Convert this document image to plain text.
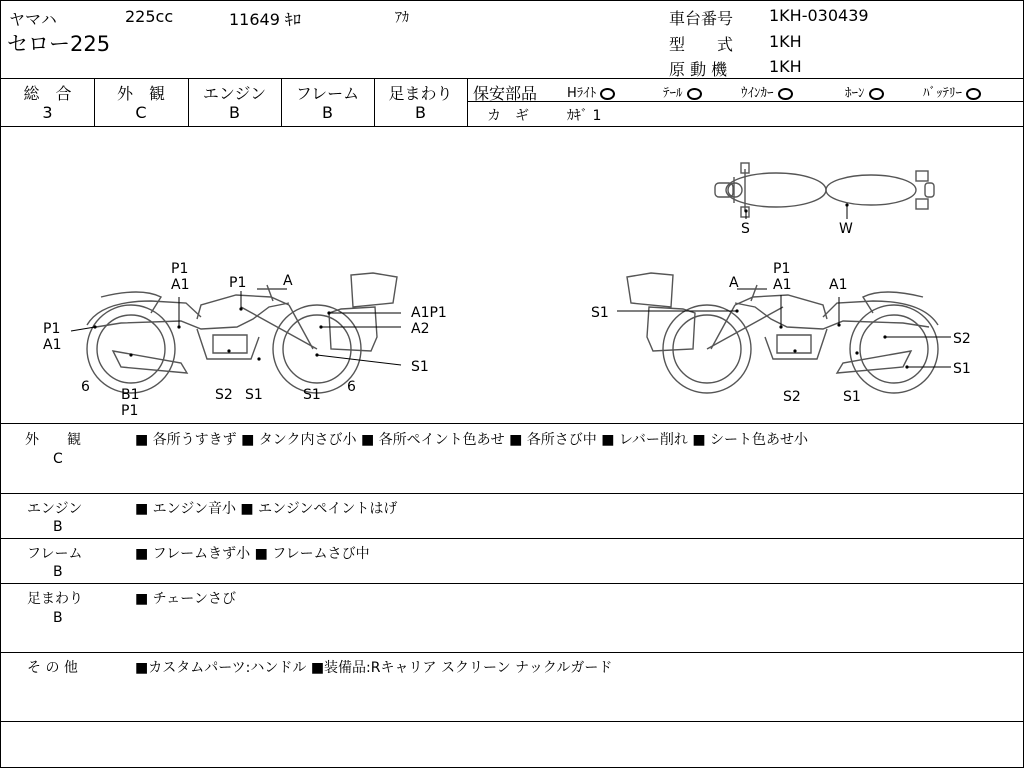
ヤマハ	225cc	11649 ｷﾛ	ｱｶ
セロー225
車台番号 1KH-030439
型　　式 1KH
原 動 機	1KH
総　合
3
外　観
C
エンジン
B
フレーム
B
足まわり
B
保安部品 Hﾗｲﾄ	ﾃｰﾙ	ｳｲﾝｶｰ	ﾎｰﾝ	ﾊﾞｯﾃﾘｰ
カ　ギ	ｶｷﾞ 1
S	W
P1
A1	P1	A
A1P1
A2
P1
A1
S1
6 B1
P1
S2 S1	S1 6
A
P1
A1	A1
S1
S2
S1
S2	S1
外　　観
C
■ 各所うすきず ■ タンク内さび小 ■ 各所ペイント色あせ ■ 各所さび中 ■ レバー削れ ■ シート色あせ小
エンジン
B
■ エンジン音小 ■ エンジンペイントはげ
フレーム
B
■ フレームきず小 ■ フレームさび中
足まわり
B
■ チェーンさび
そ の 他	■カスタムパーツ:ハンドル ■装備品:Rキャリア スクリーン ナックルガード
